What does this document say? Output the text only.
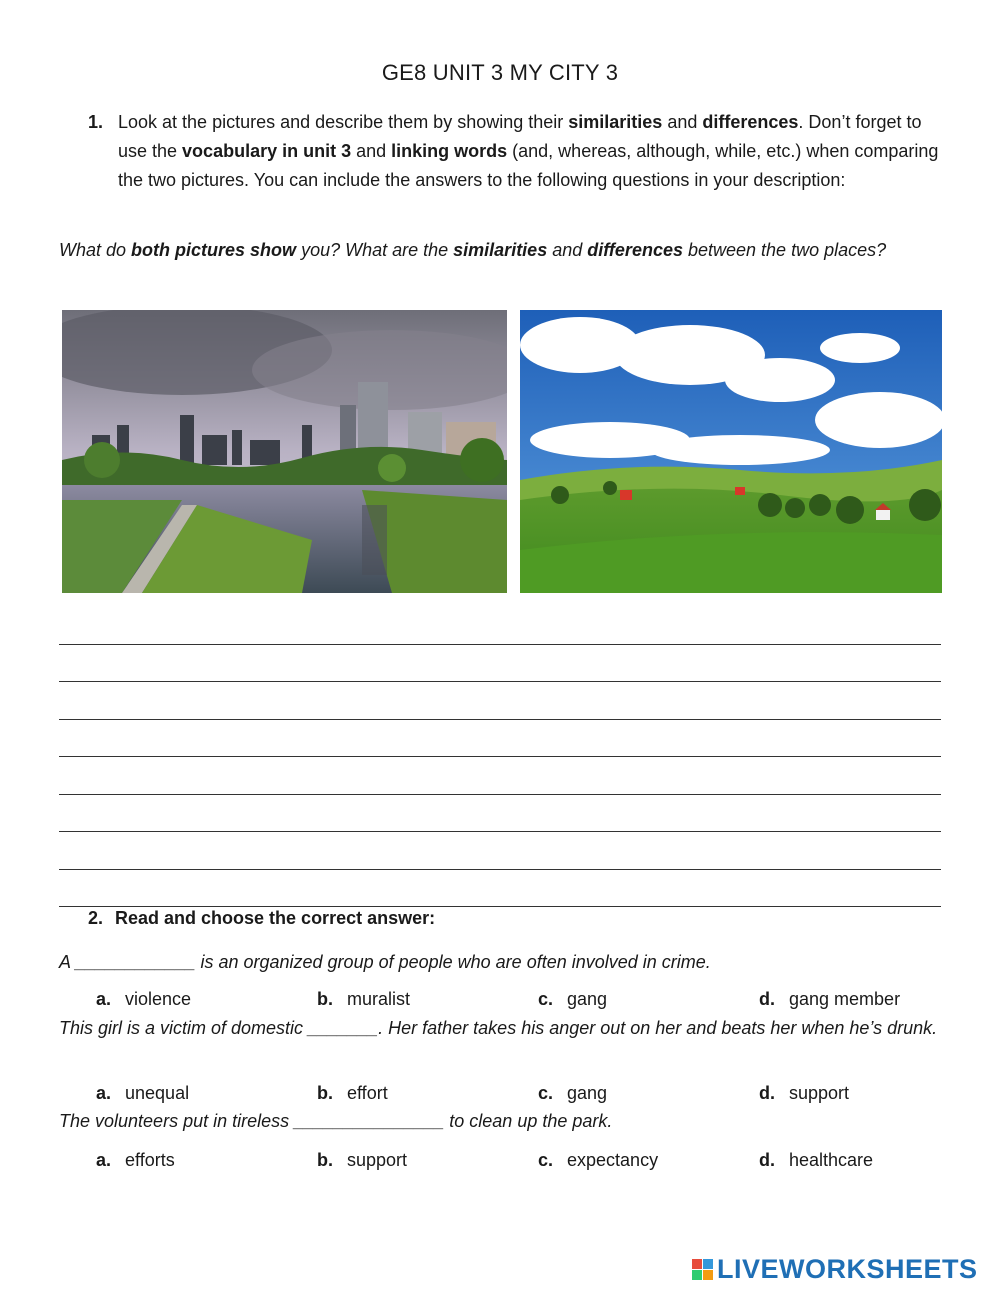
GE8 UNIT 3 MY CITY 3
1. Look at the pictures and describe them by showing their similarities and differences. Don’t forget to use the vocabulary in unit 3 and linking words (and, whereas, although, while, etc.) when comparing the two pictures. You can include the answers to the following questions in your description:
What do both pictures show you? What are the similarities and differences between the two places?
2. Read and choose the correct answer:
A ____________ is an organized group of people who are often involved in crime.
a. violence	b. muralist	c. gang	d. gang member
This girl is a victim of domestic _______. Her father takes his anger out on her and beats her when he’s drunk.
a. unequal	b. effort	c. gang	d. support
The volunteers put in tireless _______________ to clean up the park.
a. efforts	b. support	c. expectancy	d. healthcare
LIVEWORKSHEETS
